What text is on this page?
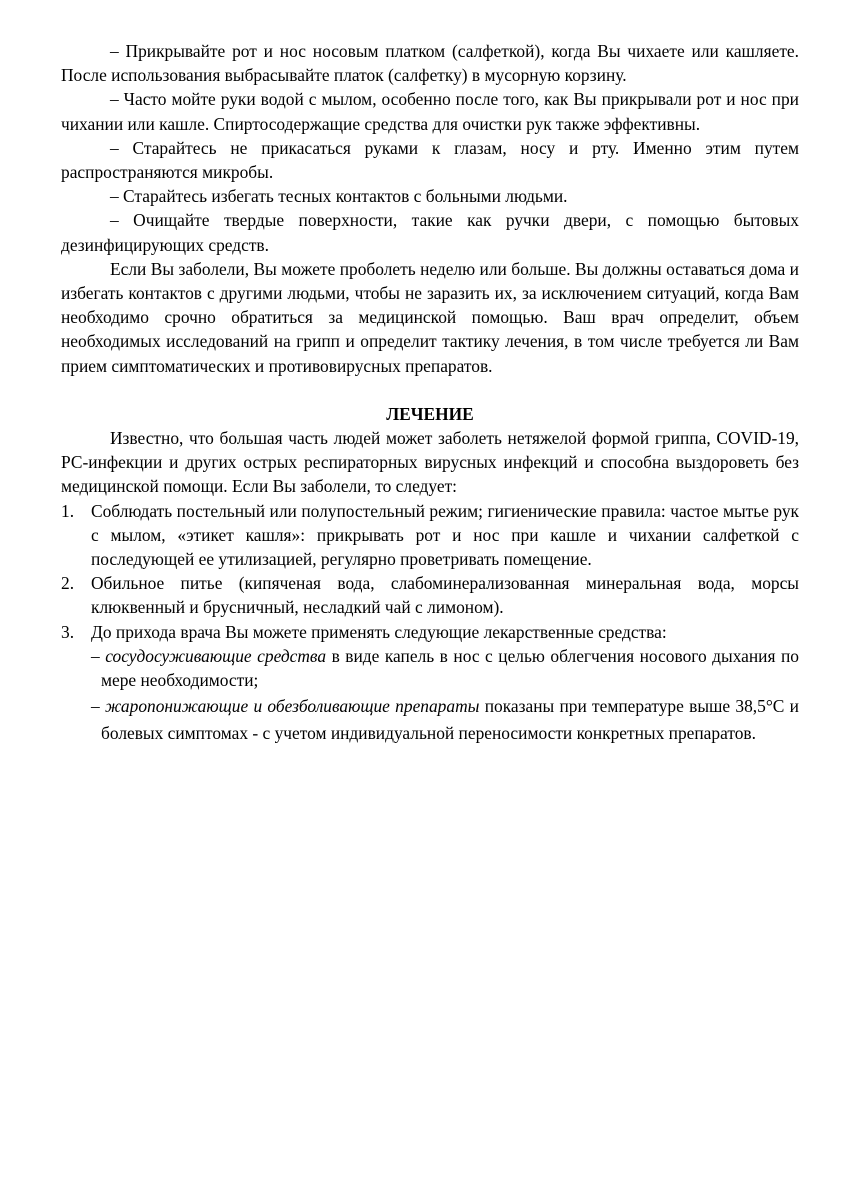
– Прикрывайте рот и нос носовым платком (салфеткой), когда Вы чихаете или кашляете. После использования выбрасывайте платок (салфетку) в мусорную корзину.

– Часто мойте руки водой с мылом, особенно после того, как Вы прикрывали рот и нос при чихании или кашле. Спиртосодержащие средства для очистки рук также эффективны.

– Старайтесь не прикасаться руками к глазам, носу и рту. Именно этим путем распространяются микробы.

– Старайтесь избегать тесных контактов с больными людьми.

– Очищайте твердые поверхности, такие как ручки двери, с помощью бытовых дезинфицирующих средств.

Если Вы заболели, Вы можете проболеть неделю или больше. Вы должны оставаться дома и избегать контактов с другими людьми, чтобы не заразить их, за исключением ситуаций, когда Вам необходимо срочно обратиться за медицинской помощью. Ваш врач определит, объем необходимых исследований на грипп и определит тактику лечения, в том числе требуется ли Вам прием симптоматических и противовирусных препаратов.

ЛЕЧЕНИЕ

Известно, что большая часть людей может заболеть нетяжелой формой гриппа, COVID-19, РС-инфекции и других острых респираторных вирусных инфекций и способна выздороветь без медицинской помощи. Если Вы заболели, то следует:

1. Соблюдать постельный или полупостельный режим; гигиенические правила: частое мытье рук с мылом, «этикет кашля»: прикрывать рот и нос при кашле и чихании салфеткой с последующей ее утилизацией, регулярно проветривать помещение.
2. Обильное питье (кипяченая вода, слабоминерализованная минеральная вода, морсы клюквенный и брусничный, несладкий чай с лимоном).
3. До прихода врача Вы можете применять следующие лекарственные средства:

– сосудосуживающие средства в виде капель в нос с целью облегчения носового дыхания по мере необходимости;

– жаропонижающие и обезболивающие препараты показаны при температуре выше 38,5°С и болевых симптомах - с учетом индивидуальной переносимости конкретных препаратов.
